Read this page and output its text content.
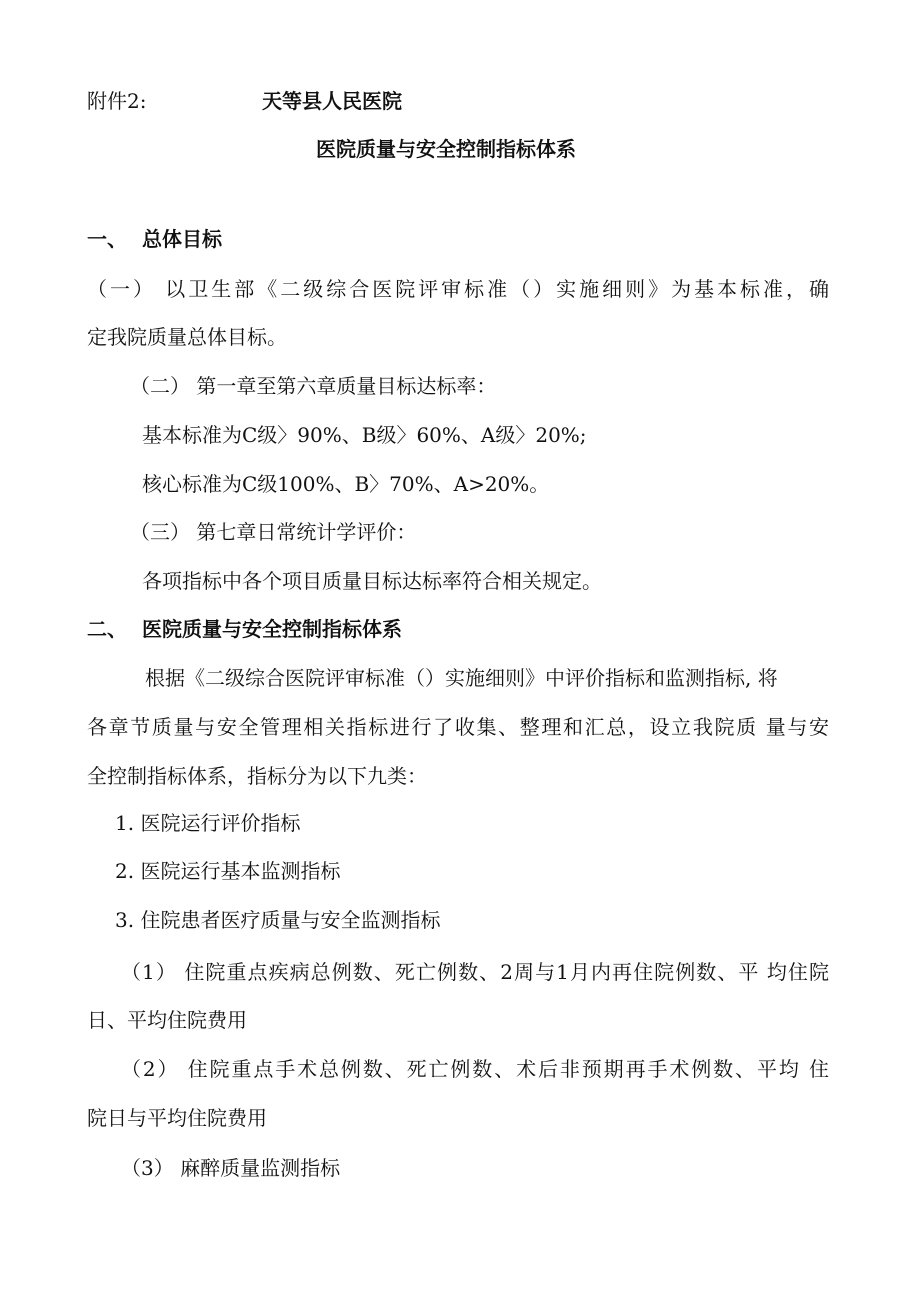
附件2:	天等县人民医院
医院质量与安全控制指标体系
一、 总体目标
（一） 以卫生部《二级综合医院评审标准（）实施细则》为基本标准，确
定我院质量总体目标。
（二） 第一章至第六章质量目标达标率：
基本标准为C级〉90%、B级〉60%、A级〉20%;
核心标准为C级100%、B〉70%、A>20%。
（三） 第七章日常统计学评价：
各项指标中各个项目质量目标达标率符合相关规定。
二、 医院质量与安全控制指标体系
根据《二级综合医院评审标准（）实施细则》中评价指标和监测指标, 将
各章节质量与安全管理相关指标进行了收集、整理和汇总，设立我院质 量与安
全控制指标体系，指标分为以下九类：
1. 医院运行评价指标
2. 医院运行基本监测指标
3. 住院患者医疗质量与安全监测指标
（1） 住院重点疾病总例数、死亡例数、2周与1月内再住院例数、平 均住院
日、平均住院费用
（2） 住院重点手术总例数、死亡例数、术后非预期再手术例数、平均 住
院日与平均住院费用
（3） 麻醉质量监测指标
